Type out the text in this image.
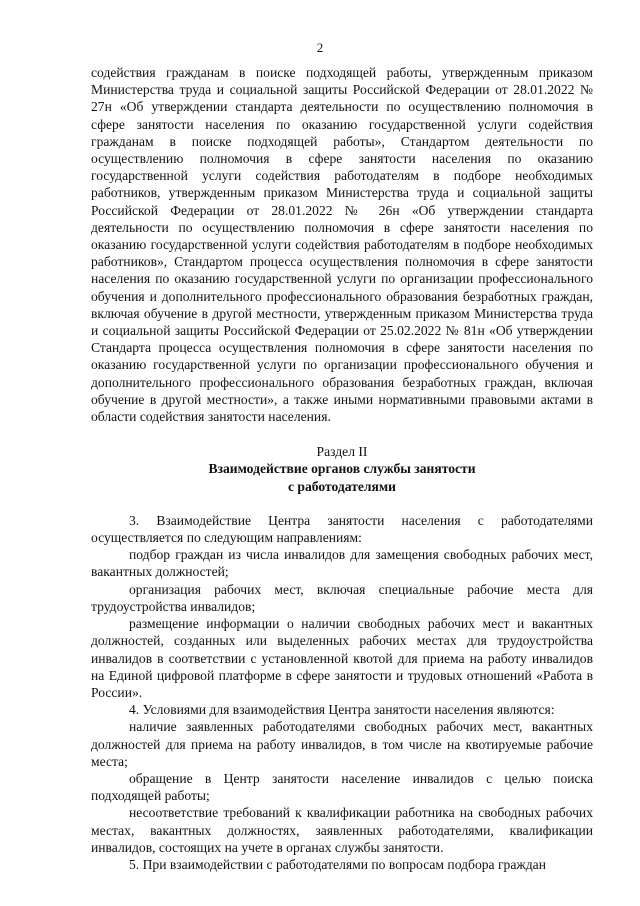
2

содействия гражданам в поиске подходящей работы, утвержденным приказом Министерства труда и социальной защиты Российской Федерации от 28.01.2022 № 27н «Об утверждении стандарта деятельности по осуществлению полномочия в сфере занятости населения по оказанию государственной услуги содействия гражданам в поиске подходящей работы», Стандартом деятельности по осуществлению полномочия в сфере занятости населения по оказанию государственной услуги содействия работодателям в подборе необходимых работников, утвержденным приказом Министерства труда и социальной защиты Российской Федерации от 28.01.2022 № 26н «Об утверждении стандарта деятельности по осуществлению полномочия в сфере занятости населения по оказанию государственной услуги содействия работодателям в подборе необходимых работников», Стандартом процесса осуществления полномочия в сфере занятости населения по оказанию государственной услуги по организации профессионального обучения и дополнительного профессионального образования безработных граждан, включая обучение в другой местности, утвержденным приказом Министерства труда и социальной защиты Российской Федерации от 25.02.2022 № 81н «Об утверждении Стандарта процесса осуществления полномочия в сфере занятости населения по оказанию государственной услуги по организации профессионального обучения и дополнительного профессионального образования безработных граждан, включая обучение в другой местности», а также иными нормативными правовыми актами в области содействия занятости населения.

Раздел II
Взаимодействие органов службы занятости
с работодателями

3. Взаимодействие Центра занятости населения с работодателями осуществляется по следующим направлениям:

подбор граждан из числа инвалидов для замещения свободных рабочих мест, вакантных должностей;

организация рабочих мест, включая специальные рабочие места для трудоустройства инвалидов;

размещение информации о наличии свободных рабочих мест и вакантных должностей, созданных или выделенных рабочих местах для трудоустройства инвалидов в соответствии с установленной квотой для приема на работу инвалидов на Единой цифровой платформе в сфере занятости и трудовых отношений «Работа в России».

4. Условиями для взаимодействия Центра занятости населения являются:

наличие заявленных работодателями свободных рабочих мест, вакантных должностей для приема на работу инвалидов, в том числе на квотируемые рабочие места;

обращение в Центр занятости население инвалидов с целью поиска подходящей работы;

несоответствие требований к квалификации работника на свободных рабочих местах, вакантных должностях, заявленных работодателями, квалификации инвалидов, состоящих на учете в органах службы занятости.

5. При взаимодействии с работодателями по вопросам подбора граждан
